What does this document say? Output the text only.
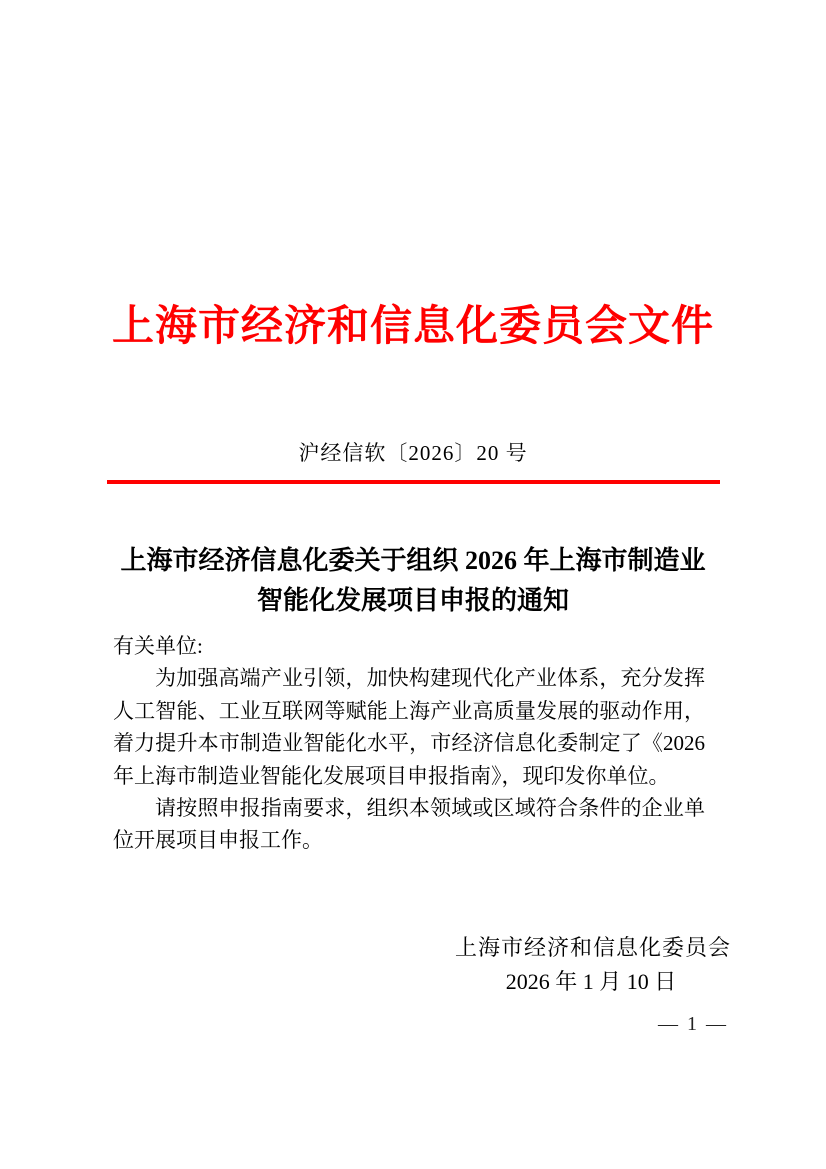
上海市经济和信息化委员会文件
沪经信软〔2026〕20 号
上海市经济信息化委关于组织 2026 年上海市制造业
智能化发展项目申报的通知

有关单位:

为加强高端产业引领，加快构建现代化产业体系，充分发挥人工智能、工业互联网等赋能上海产业高质量发展的驱动作用，着力提升本市制造业智能化水平，市经济信息化委制定了《2026 年上海市制造业智能化发展项目申报指南》，现印发你单位。

请按照申报指南要求，组织本领域或区域符合条件的企业单位开展项目申报工作。

上海市经济和信息化委员会
2026 年 1 月 10 日
— 1 —
